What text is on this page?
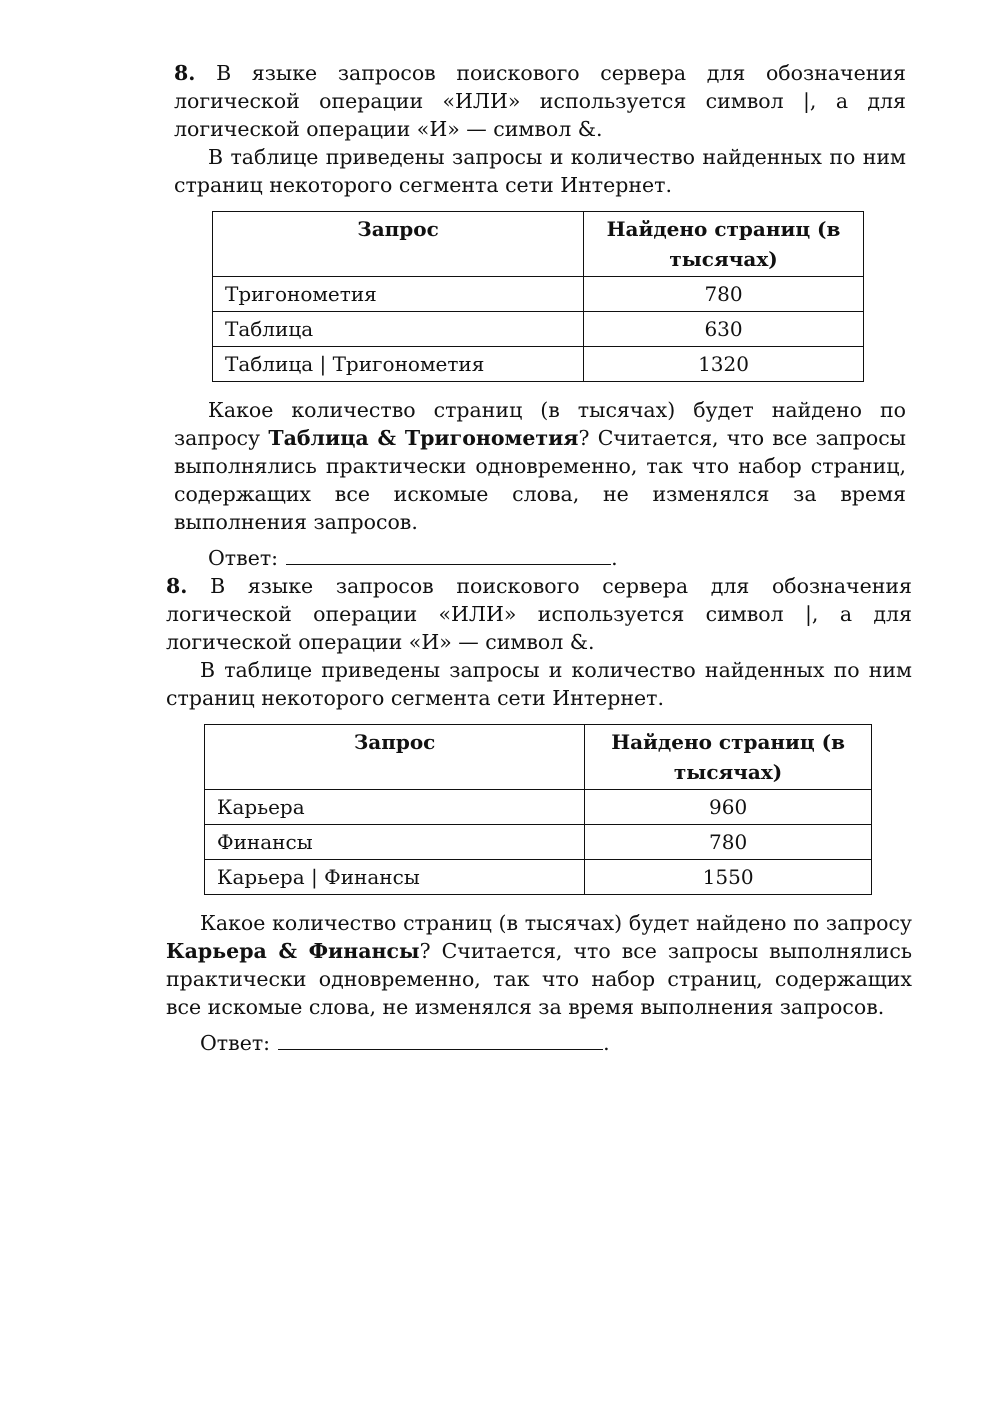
8. В языке запросов поискового сервера для обозначения логической операции «ИЛИ» используется символ |, а для логической операции «И» — символ &.

В таблице приведены запросы и количество найденных по ним страниц некоторого сегмента сети Интернет.

Запрос	Найдено страниц (в тысячах)
Тригонометия	780
Таблица	630
Таблица | Тригонометия	1320

Какое количество страниц (в тысячах) будет найдено по запросу Таблица & Тригонометия? Считается, что все запросы выполнялись практически одновременно, так что набор страниц, содержащих все искомые слова, не изменялся за время выполнения запросов.

Ответ:	.

8. В языке запросов поискового сервера для обозначения логической операции «ИЛИ» используется символ |, а для логической операции «И» — символ &.

В таблице приведены запросы и количество найденных по ним страниц некоторого сегмента сети Интернет.

Запрос	Найдено страниц (в тысячах)
Карьера	960
Финансы	780
Карьера | Финансы	1550

Какое количество страниц (в тысячах) будет найдено по запросу Карьера & Финансы? Считается, что все запросы выполнялись практически одновременно, так что набор страниц, содержащих все искомые слова, не изменялся за время выполнения запросов.

Ответ:	.
